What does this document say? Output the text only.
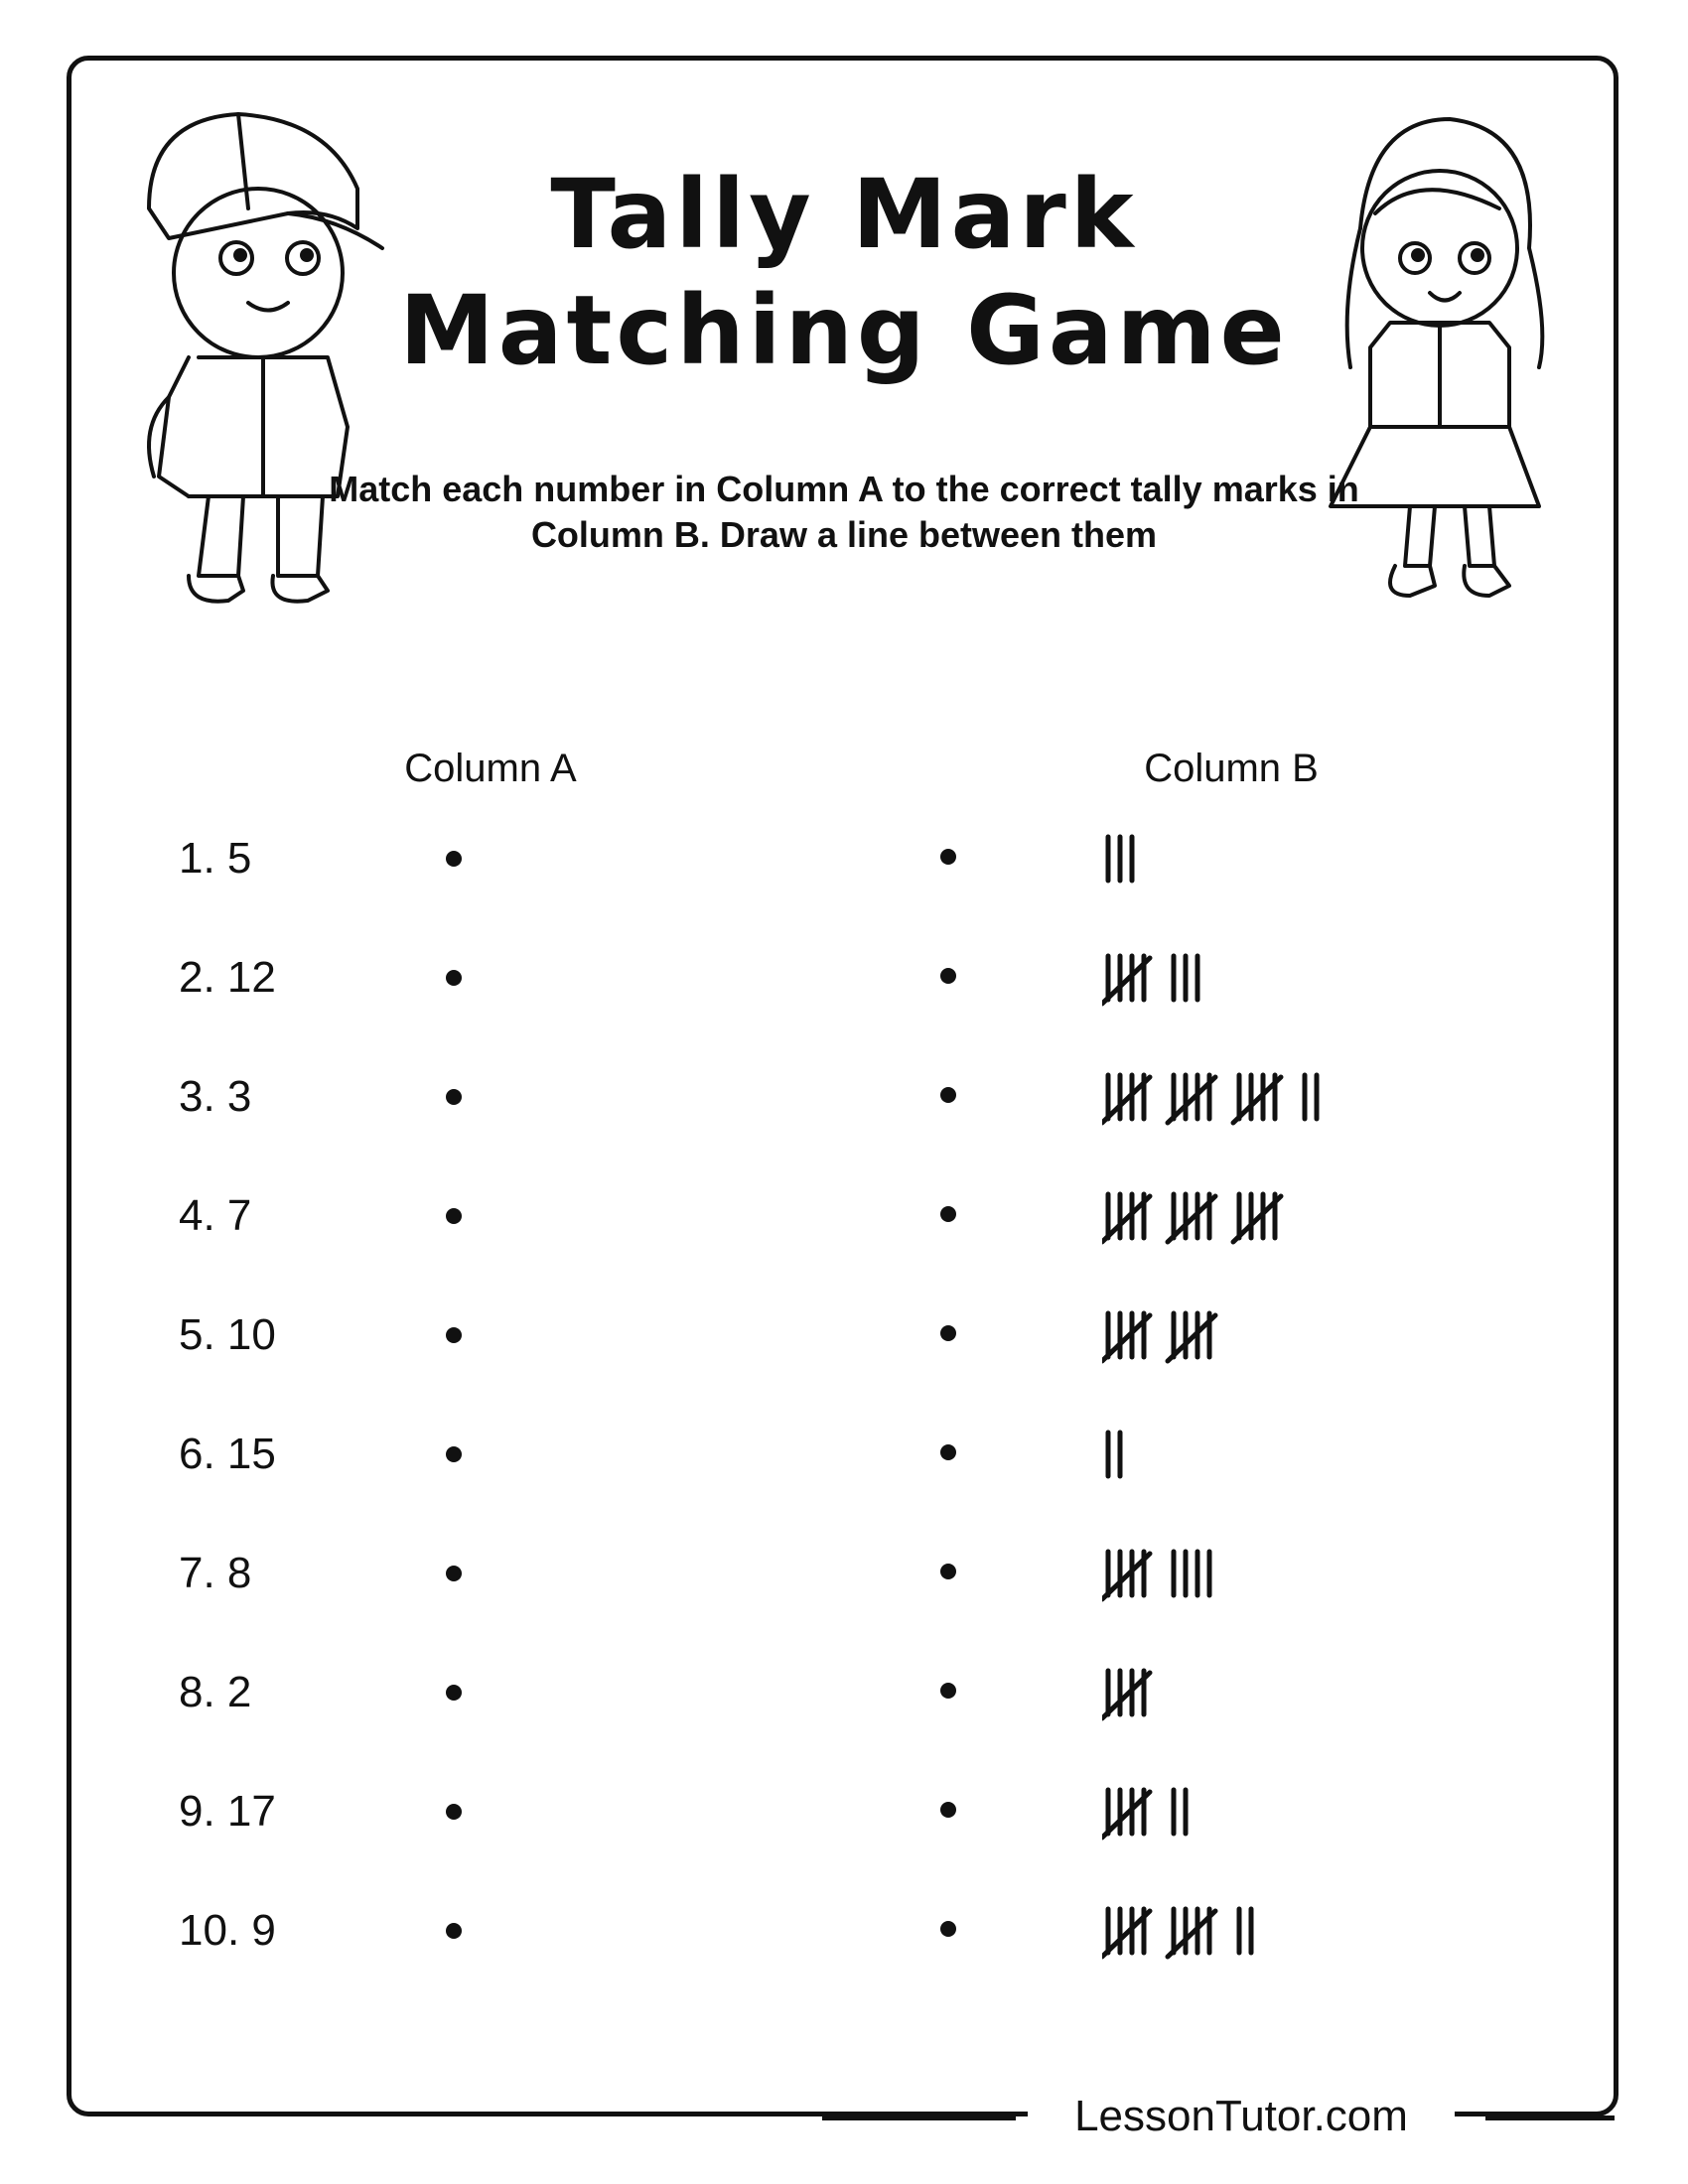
Tally Mark
Matching Game
Match each number in Column A to the correct tally marks in Column B. Draw a line between them
Column A	Column B
1. 5
2. 12
3. 3
4. 7
5. 10
6. 15
7. 8
8. 2
9. 17
10. 9
LessonTutor.com
